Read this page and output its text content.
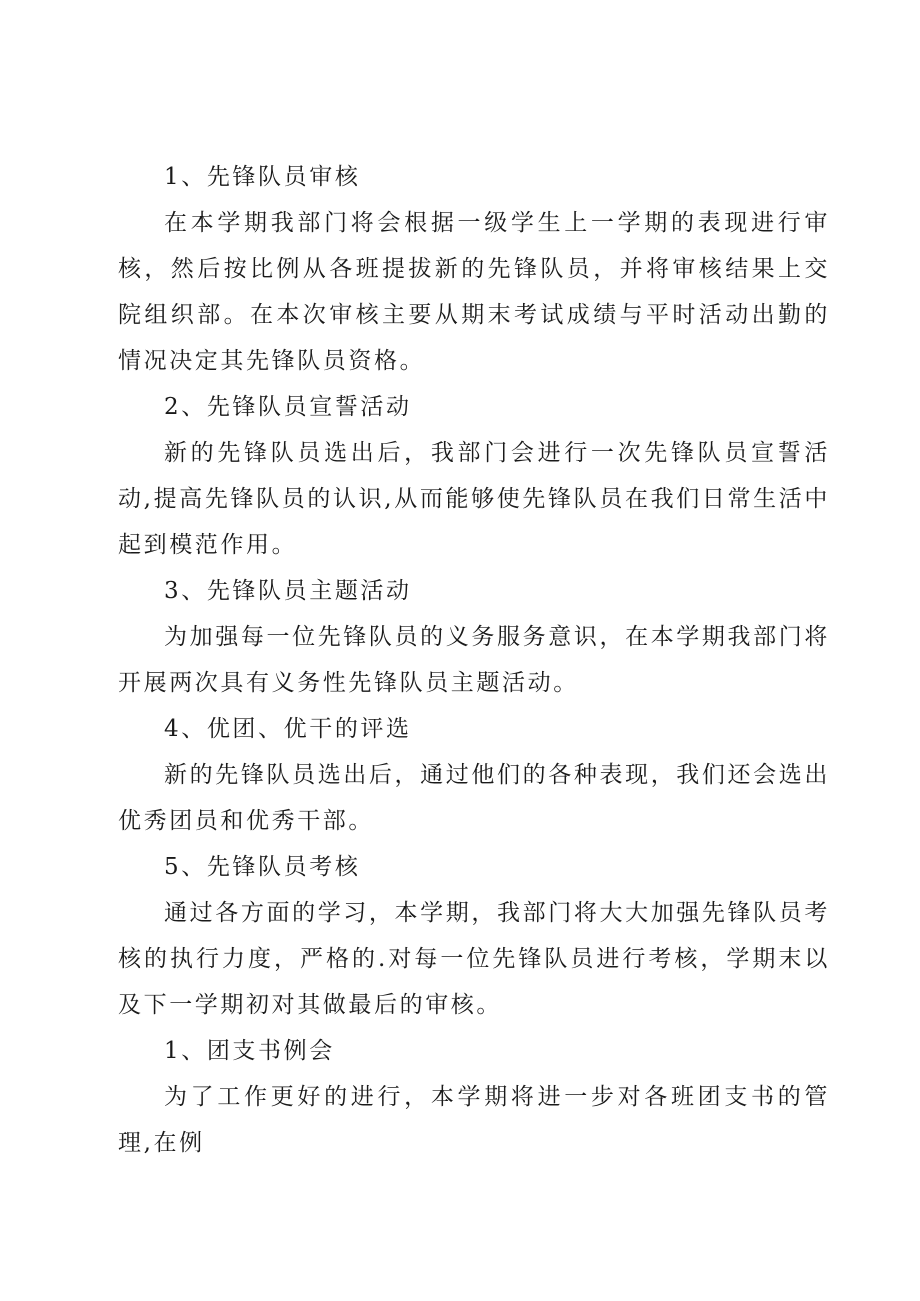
1、先锋队员审核

在本学期我部门将会根据一级学生上一学期的表现进行审核，然后按比例从各班提拔新的先锋队员，并将审核结果上交院组织部。在本次审核主要从期末考试成绩与平时活动出勤的情况决定其先锋队员资格。

2、先锋队员宣誓活动

新的先锋队员选出后，我部门会进行一次先锋队员宣誓活动,提高先锋队员的认识,从而能够使先锋队员在我们日常生活中起到模范作用。

3、先锋队员主题活动

为加强每一位先锋队员的义务服务意识，在本学期我部门将开展两次具有义务性先锋队员主题活动。

4、优团、优干的评选

新的先锋队员选出后，通过他们的各种表现，我们还会选出优秀团员和优秀干部。

5、先锋队员考核

通过各方面的学习，本学期，我部门将大大加强先锋队员考核的执行力度，严格的.对每一位先锋队员进行考核，学期末以及下一学期初对其做最后的审核。

1、团支书例会

为了工作更好的进行，本学期将进一步对各班团支书的管理,在例
